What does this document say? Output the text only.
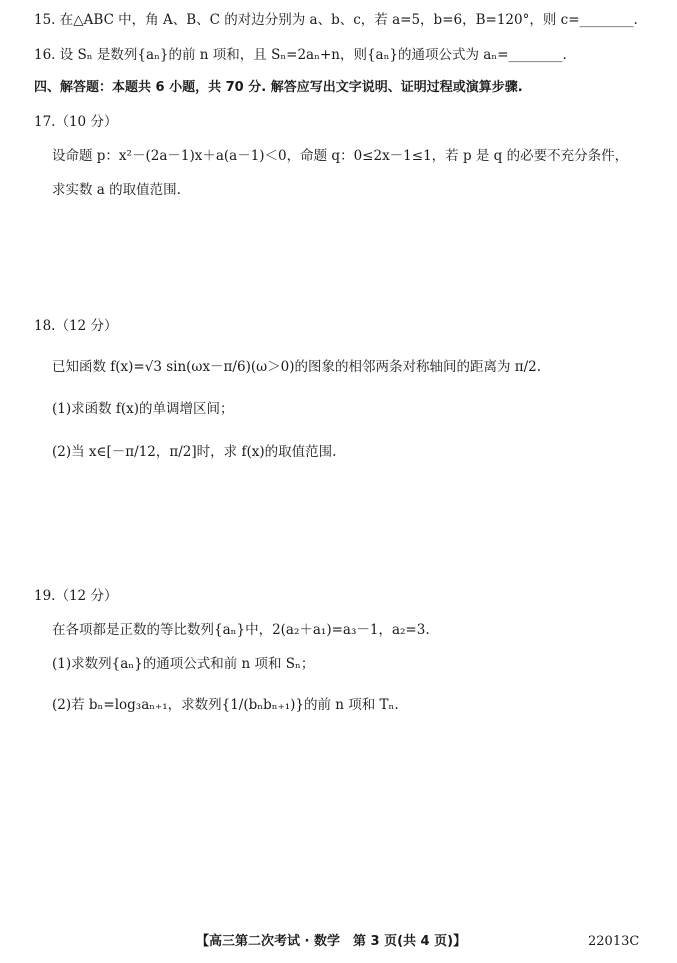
15. 在△ABC 中，角 A、B、C 的对边分别为 a、b、c，若 a=5，b=6，B=120°，则 c=________.
16. 设 Sₙ 是数列{aₙ}的前 n 项和，且 Sₙ=2aₙ+n，则{aₙ}的通项公式为 aₙ=________.
四、解答题：本题共 6 小题，共 70 分. 解答应写出文字说明、证明过程或演算步骤.
17.（10 分）
设命题 p：x²－(2a－1)x＋a(a－1)＜0，命题 q：0≤2x－1≤1，若 p 是 q 的必要不充分条件，
求实数 a 的取值范围.
18.（12 分）
已知函数 f(x)=√3 sin(ωx－π/6)(ω＞0)的图象的相邻两条对称轴间的距离为 π/2.
(1)求函数 f(x)的单调增区间；
(2)当 x∈[－π/12，π/2]时，求 f(x)的取值范围.
19.（12 分）
在各项都是正数的等比数列{aₙ}中，2(a₂＋a₁)=a₃－1，a₂=3.
(1)求数列{aₙ}的通项公式和前 n 项和 Sₙ；
(2)若 bₙ=log₃aₙ₊₁，求数列{1/(bₙbₙ₊₁)}的前 n 项和 Tₙ.
【高三第二次考试 · 数学　第 3 页(共 4 页)】	22013C
